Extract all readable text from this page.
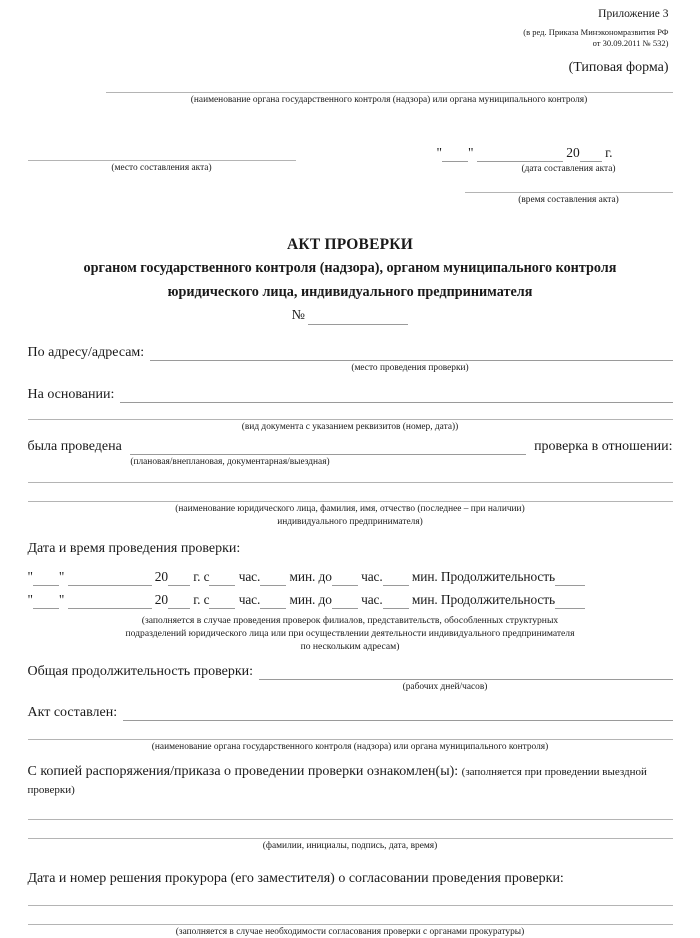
Приложение 3
(в ред. Приказа Минэкономразвития РФ
от 30.09.2011 № 532)
(Типовая форма)
(наименование органа государственного контроля (надзора) или органа муниципального контроля)
(место составления акта)
" "	20 г.
(дата составления акта)
(время составления акта)
АКТ ПРОВЕРКИ
органом государственного контроля (надзора), органом муниципального контроля
юридического лица, индивидуального предпринимателя
№
По адресу/адресам:
(место проведения проверки)
На основании:
(вид документа с указанием реквизитов (номер, дата))
была проведена	проверка в отношении:
(плановая/внеплановая, документарная/выездная)
(наименование юридического лица, фамилия, имя, отчество (последнее – при наличии)
индивидуального предпринимателя)
Дата и время проведения проверки:
" "	20 г. с час. мин. до час. мин. Продолжительность
" "	20 г. с час. мин. до час. мин. Продолжительность
(заполняется в случае проведения проверок филиалов, представительств, обособленных структурных
подразделений юридического лица или при осуществлении деятельности индивидуального предпринимателя
по нескольким адресам)
Общая продолжительность проверки:
(рабочих дней/часов)
Акт составлен:
(наименование органа государственного контроля (надзора) или органа муниципального контроля)
С копией распоряжения/приказа о проведении проверки ознакомлен(ы): (заполняется при проведении выездной проверки)
(фамилии, инициалы, подпись, дата, время)
Дата и номер решения прокурора (его заместителя) о согласовании проведения проверки:
(заполняется в случае необходимости согласования проверки с органами прокуратуры)
